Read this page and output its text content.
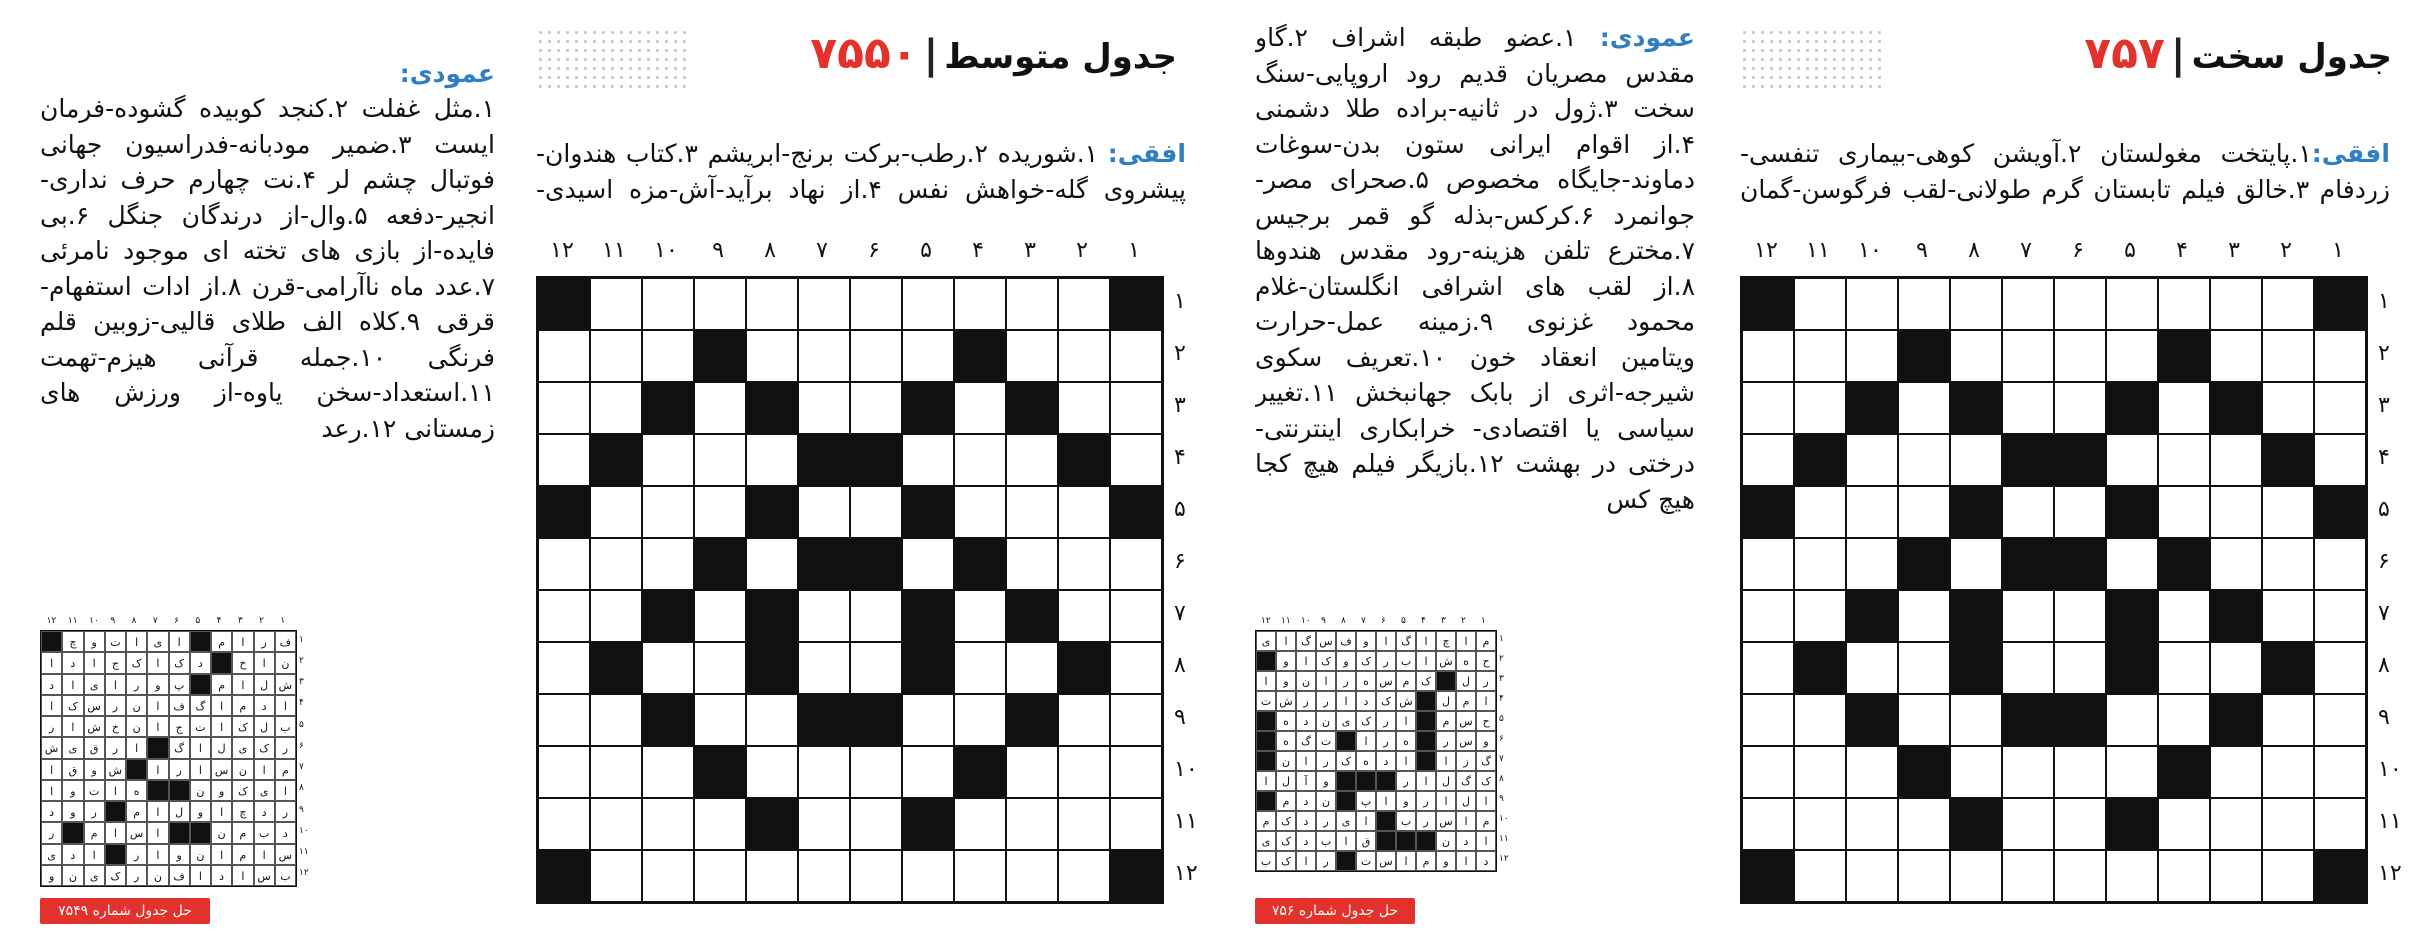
جدول سخت|۷۵۷
افقی:۱.پایتخت مغولستان ۲.آویشن کوهی-بیماری تنفسی-زردفام ۳.خالق فیلم تابستان گرم طولانی-لقب فرگوسن-گمان
۱
۲
۳
۴
۵
۶
۷
۸
۹
۱۰
۱۱
۱۲
۱
۲
۳
۴
۵
۶
۷
۸
۹
۱۰
۱۱
۱۲
عمودی: ۱.عضو طبقه اشراف ۲.گاو مقدس مصریان قدیم رود اروپایی-سنگ سخت ۳.ژول در ثانیه-براده طلا دشمنی ۴.از اقوام ایرانی ستون بدن-سوغات دماوند-جایگاه مخصوص ۵.صحرای مصر-جوانمرد ۶.کرکس-بذله گو قمر برجیس ۷.مخترع تلفن هزینه-رود مقدس هندوها ۸.از لقب های اشرافی انگلستان-غلام محمود غزنوی ۹.زمینه عمل-حرارت ویتامین انعقاد خون ۱۰.تعریف سکوی شیرجه-اثری از بابک جهانبخش ۱۱.تغییر سیاسی یا اقتصادی- خرابکاری اینترنتی- درختی در بهشت ۱۲.بازیگر فیلم هیچ کجا هیچ کس
م
ا
چ
ا
گ
ا
و
ف
س
گ
ا
ی
ح
ه
ش
ا
ب
ر
ک
و
ک
ا
و
ر
ل
ک
م
س
ه
ر
ا
ن
و
ا
ا
م
ل
ش
ک
د
ا
ر
ز
ش
ت
ح
س
م
ا
ر
ک
ی
ن
د
ه
و
س
ر
ه
ر
ا
ت
گ
ه
گ
ز
ا
ا
د
ه
ک
ر
ا
ن
ک
گ
ل
ا
ر
و
آ
ل
ا
ا
ل
ا
ر
و
ا
پ
ن
د
م
م
ا
س
ر
ب
ا
ی
ر
د
ک
م
ا
د
ن
ق
ا
ب
د
ک
ی
د
ا
و
م
ا
س
ت
ر
ا
ک
ب
۱
۲
۳
۴
۵
۶
۷
۸
۹
۱۰
۱۱
۱۲
۱
۲
۳
۴
۵
۶
۷
۸
۹
۱۰
۱۱
۱۲
حل جدول شماره ۷۵۶
جدول متوسط|۷۵۵۰
افقی: ۱.شوریده ۲.رطب-برکت برنج-ابریشم ۳.کتاب هندوان-پیشروی گله-خواهش نفس ۴.از نهاد برآید-آش-مزه اسیدی-
۱
۲
۳
۴
۵
۶
۷
۸
۹
۱۰
۱۱
۱۲
۱
۲
۳
۴
۵
۶
۷
۸
۹
۱۰
۱۱
۱۲

عمودی:
۱.مثل غفلت ۲.کنجد کوبیده گشوده-فرمان ایست ۳.ضمیر مودبانه-فدراسیون جهانی فوتبال چشم لر ۴.نت چهارم حرف نداری-انجیر-دفعه ۵.وال-از درندگان جنگل ۶.بی فایده-از بازی های تخته ای موجود نامرئی ۷.عدد ماه ناآرامی-قرن ۸.از ادات استفهام-قرقی ۹.کلاه الف طلای قالیی-زوبین قلم فرنگی ۱۰.جمله قرآنی هیزم-تهمت ۱۱.استعداد-سخن یاوه-از ورزش های زمستانی ۱۲.رعد
ف
ر
ا
م
ا
ی
ا
ت
و
چ
ن
ا
خ
د
ک
ا
ک
ج
ا
د
ا
ش
ل
ا
م
پ
و
ر
ا
ی
ا
د
ا
د
م
ا
گ
ف
ا
ن
ر
س
ک
ا
ب
ل
ک
ا
ت
ج
ا
ن
خ
ش
ا
ر
ر
ک
ی
ل
ا
گ
ا
ر
ق
ی
ش
م
ا
ن
س
ا
ر
ا
ش
و
ق
ا
ا
ی
ک
و
ن
ه
ا
ت
و
ا
ر
د
چ
ا
و
ل
ا
م
ر
و
د
د
ب
م
ن
ا
س
ا
م
ر
س
ا
م
ا
ن
و
ا
ر
ا
د
ی
ب
س
ا
د
ا
ف
ن
ر
ک
ی
ن
و
۱
۲
۳
۴
۵
۶
۷
۸
۹
۱۰
۱۱
۱۲
۱
۲
۳
۴
۵
۶
۷
۸
۹
۱۰
۱۱
۱۲
حل جدول شماره ۷۵۴۹
